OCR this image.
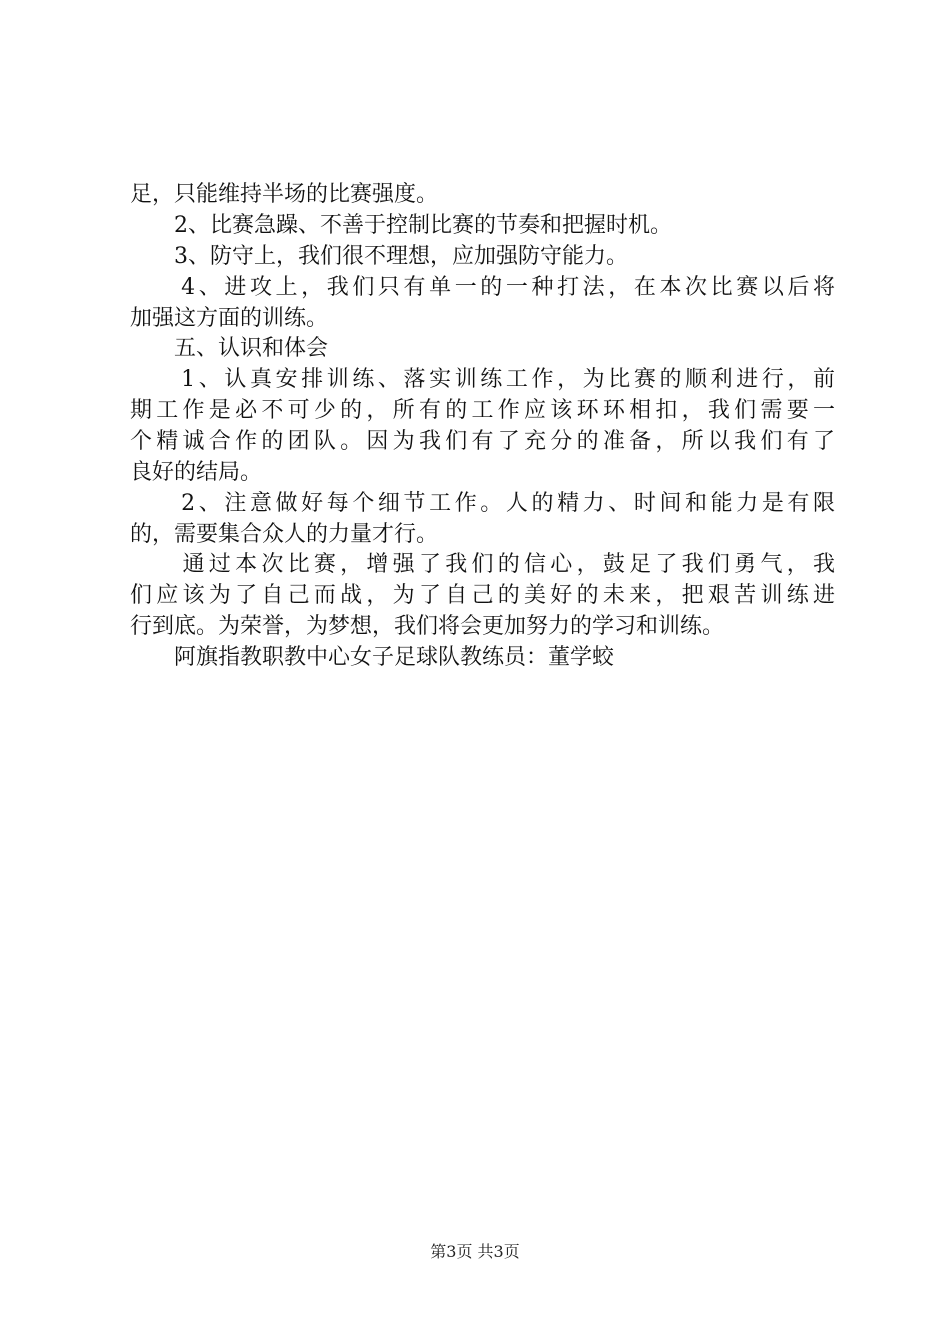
足，只能维持半场的比赛强度。
　　2、比赛急躁、不善于控制比赛的节奏和把握时机。
　　3、防守上，我们很不理想，应加强防守能力。
　　4、进攻上，我们只有单一的一种打法，在本次比赛以后将
加强这方面的训练。
　　五、认识和体会
　　1、认真安排训练、落实训练工作，为比赛的顺利进行，前
期工作是必不可少的，所有的工作应该环环相扣，我们需要一
个精诚合作的团队。因为我们有了充分的准备，所以我们有了
良好的结局。
　　2、注意做好每个细节工作。人的精力、时间和能力是有限
的，需要集合众人的力量才行。
　　通过本次比赛，增强了我们的信心，鼓足了我们勇气，我
们应该为了自己而战，为了自己的美好的未来，把艰苦训练进
行到底。为荣誉，为梦想，我们将会更加努力的学习和训练。
　　阿旗指教职教中心女子足球队教练员：董学蛟
第3页 共3页
